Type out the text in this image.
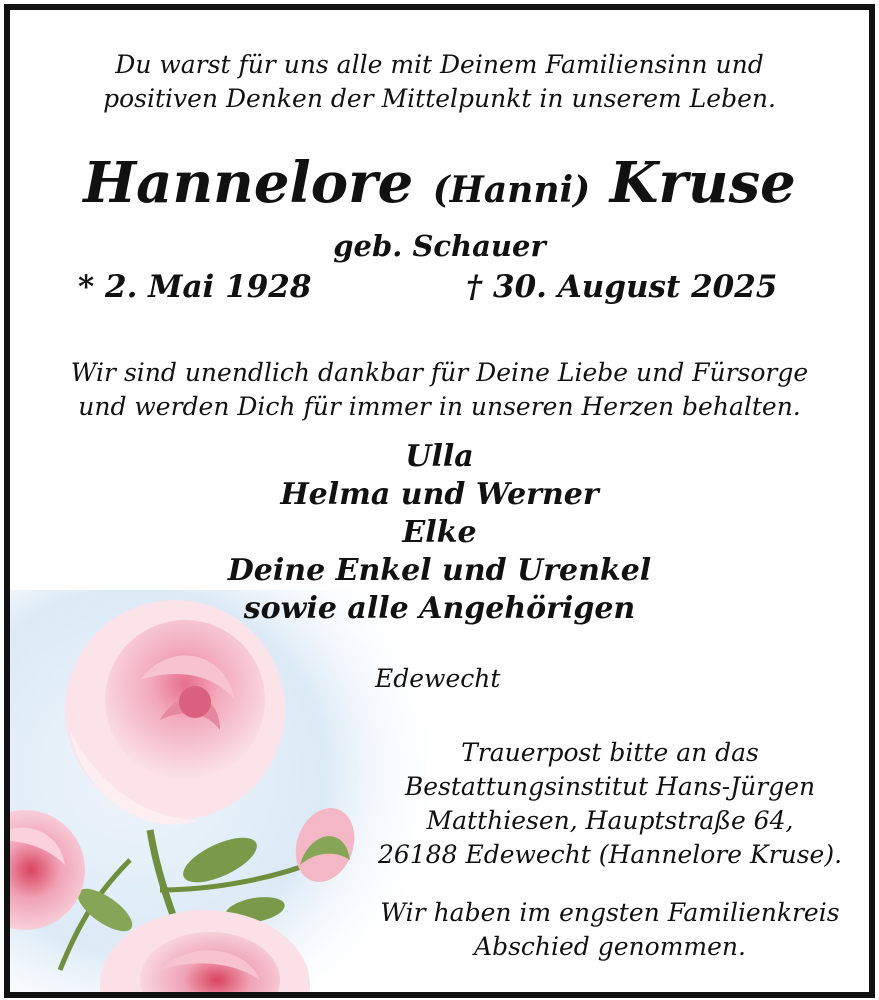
Du warst für uns alle mit Deinem Familiensinn und
positiven Denken der Mittelpunkt in unserem Leben.
Hannelore (Hanni) Kruse
geb. Schauer
* 2. Mai 1928	† 30. August 2025
Wir sind unendlich dankbar für Deine Liebe und Fürsorge
und werden Dich für immer in unseren Herzen behalten.
Ulla
Helma und Werner
Elke
Deine Enkel und Urenkel
sowie alle Angehörigen
Edewecht
Trauerpost bitte an das
Bestattungsinstitut Hans-Jürgen
Matthiesen, Hauptstraße 64,
26188 Edewecht (Hannelore Kruse).
Wir haben im engsten Familienkreis
Abschied genommen.
